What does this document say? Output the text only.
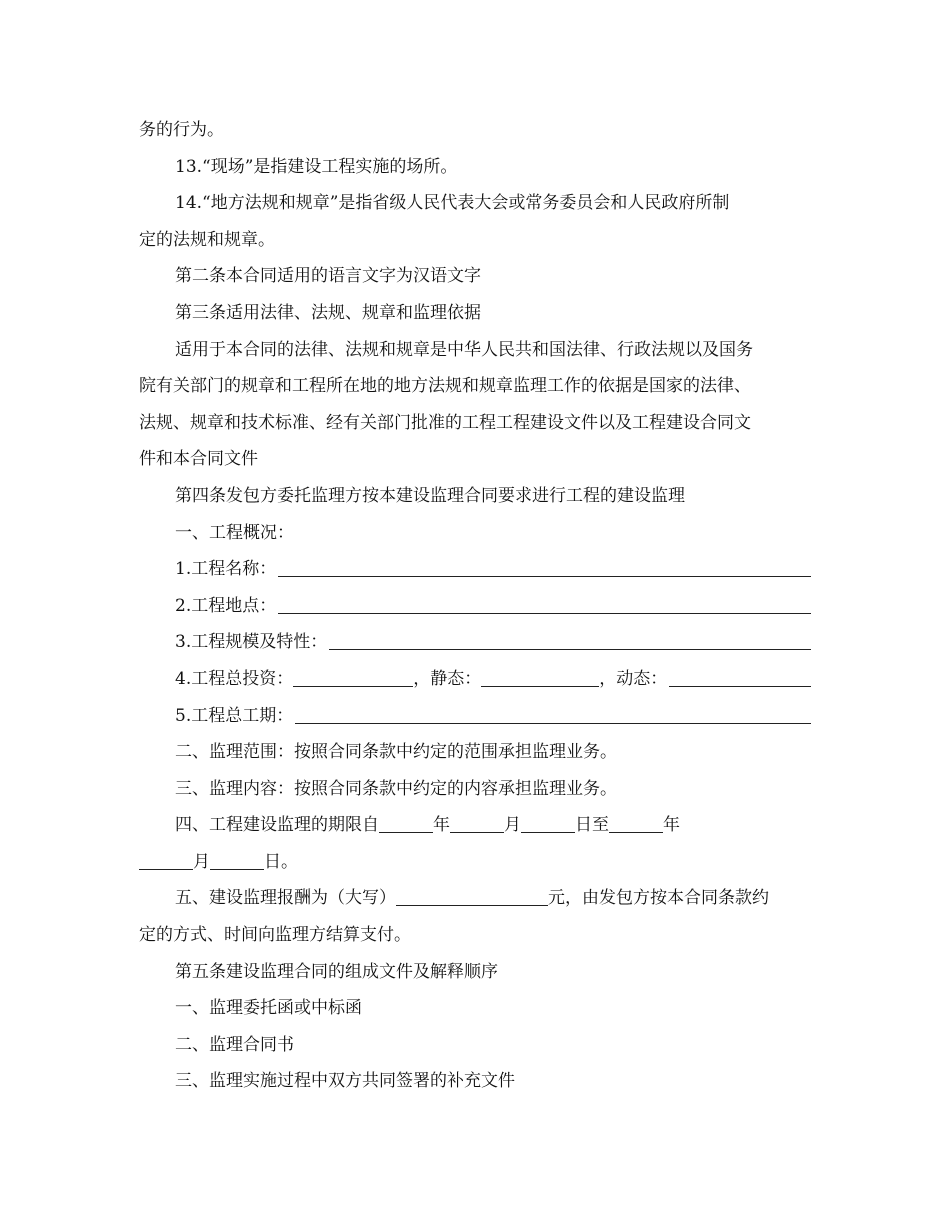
务的行为。
13.“现场”是指建设工程实施的场所。
14.“地方法规和规章”是指省级人民代表大会或常务委员会和人民政府所制
定的法规和规章。
第二条本合同适用的语言文字为汉语文字
第三条适用法律、法规、规章和监理依据
适用于本合同的法律、法规和规章是中华人民共和国法律、行政法规以及国务
院有关部门的规章和工程所在地的地方法规和规章监理工作的依据是国家的法律、
法规、规章和技术标准、经有关部门批准的工程工程建设文件以及工程建设合同文
件和本合同文件
第四条发包方委托监理方按本建设监理合同要求进行工程的建设监理
一、工程概况：
1.工程名称：
2.工程地点：
3.工程规模及特性：
4.工程总投资：	，静态：	，动态：
5.工程总工期：
二、监理范围：按照合同条款中约定的范围承担监理业务。
三、监理内容：按照合同条款中约定的内容承担监理业务。
四、工程建设监理的期限自	年	月	日至	年
月	日。
五、建设监理报酬为（大写）	元，由发包方按本合同条款约
定的方式、时间向监理方结算支付。
第五条建设监理合同的组成文件及解释顺序
一、监理委托函或中标函
二、监理合同书
三、监理实施过程中双方共同签署的补充文件
